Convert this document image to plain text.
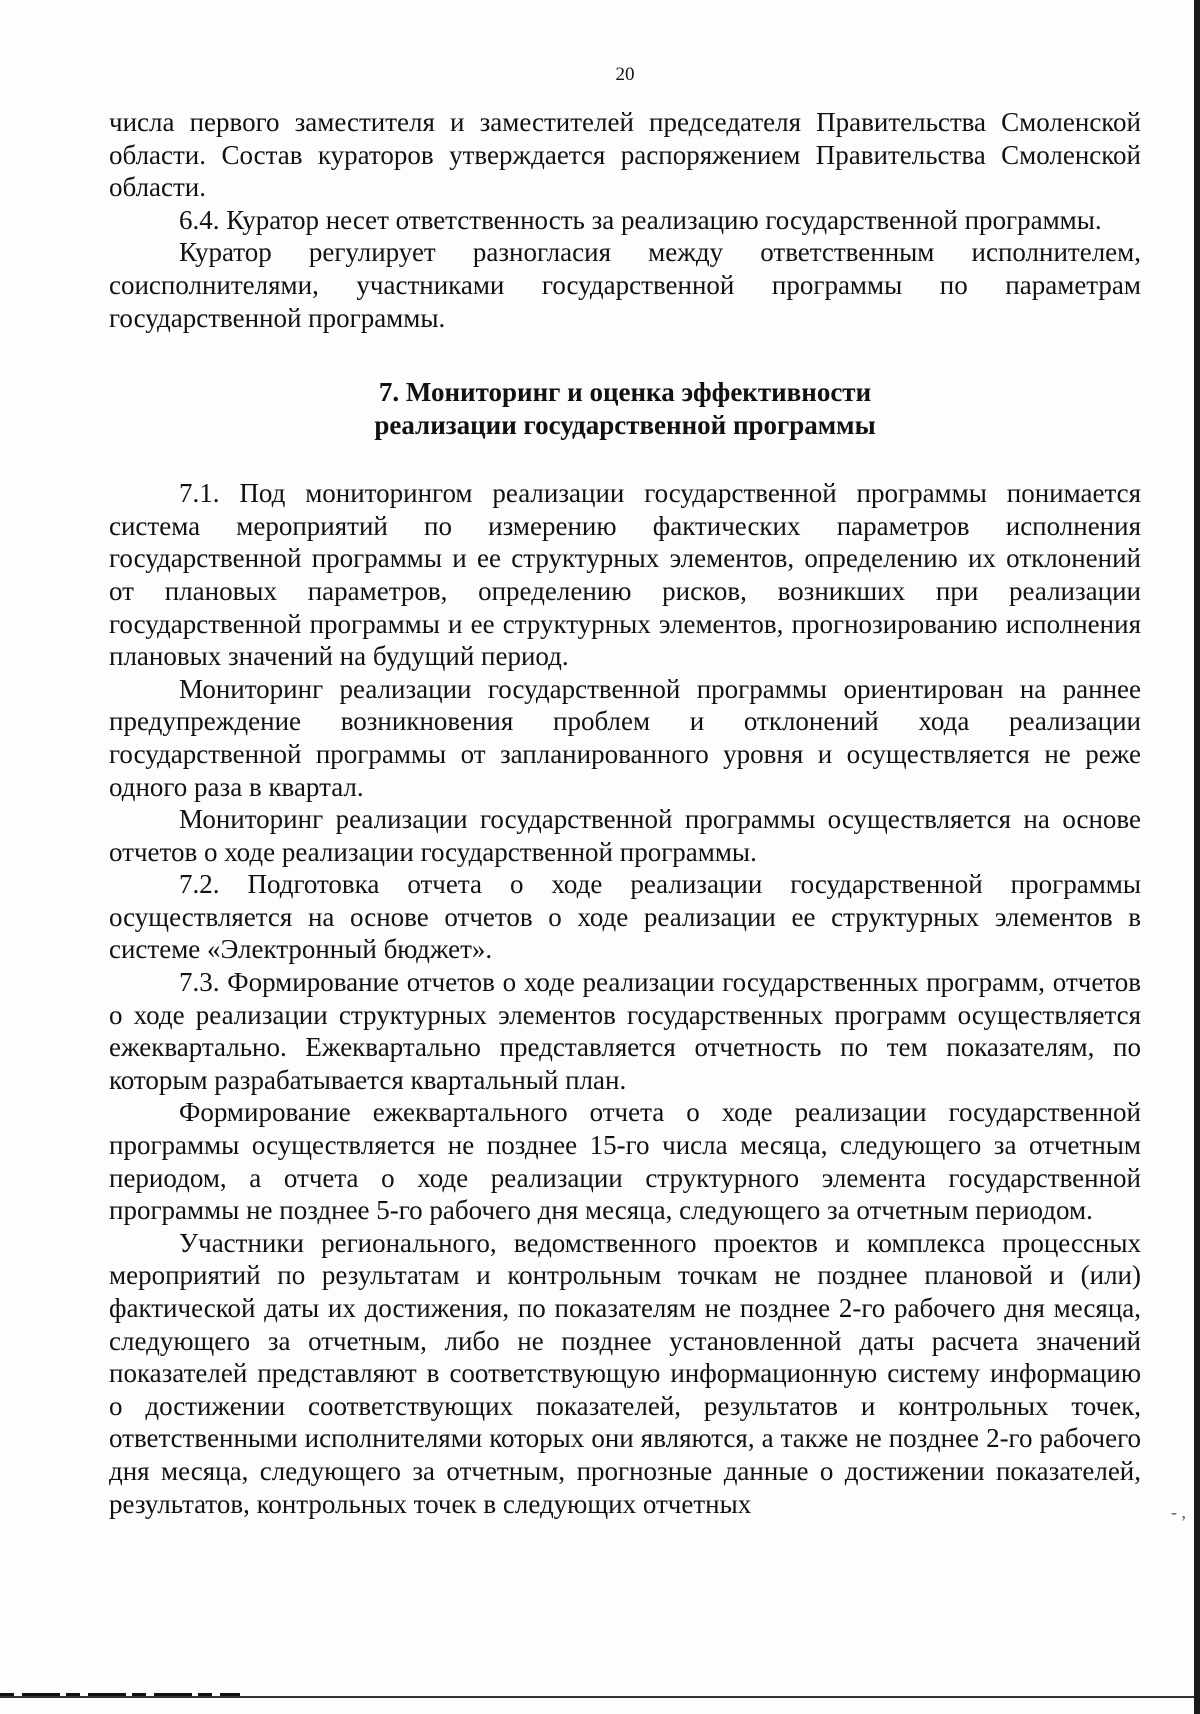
20

числа первого заместителя и заместителей председателя Правительства Смоленской области. Состав кураторов утверждается распоряжением Правительства Смоленской области.

6.4. Куратор несет ответственность за реализацию государственной программы.

Куратор регулирует разногласия между ответственным исполнителем, соисполнителями, участниками государственной программы по параметрам государственной программы.

7. Мониторинг и оценка эффективности
реализации государственной программы

7.1. Под мониторингом реализации государственной программы понимается система мероприятий по измерению фактических параметров исполнения государственной программы и ее структурных элементов, определению их отклонений от плановых параметров, определению рисков, возникших при реализации государственной программы и ее структурных элементов, прогнозированию исполнения плановых значений на будущий период.

Мониторинг реализации государственной программы ориентирован на раннее предупреждение возникновения проблем и отклонений хода реализации государственной программы от запланированного уровня и осуществляется не реже одного раза в квартал.

Мониторинг реализации государственной программы осуществляется на основе отчетов о ходе реализации государственной программы.

7.2. Подготовка отчета о ходе реализации государственной программы осуществляется на основе отчетов о ходе реализации ее структурных элементов в системе «Электронный бюджет».

7.3. Формирование отчетов о ходе реализации государственных программ, отчетов о ходе реализации структурных элементов государственных программ осуществляется ежеквартально. Ежеквартально представляется отчетность по тем показателям, по которым разрабатывается квартальный план.

Формирование ежеквартального отчета о ходе реализации государственной программы осуществляется не позднее 15-го числа месяца, следующего за отчетным периодом, а отчета о ходе реализации структурного элемента государственной программы не позднее 5-го рабочего дня месяца, следующего за отчетным периодом.

Участники регионального, ведомственного проектов и комплекса процессных мероприятий по результатам и контрольным точкам не позднее плановой и (или) фактической даты их достижения, по показателям не позднее 2-го рабочего дня месяца, следующего за отчетным, либо не позднее установленной даты расчета значений показателей представляют в соответствующую информационную систему информацию о достижении соответствующих показателей, результатов и контрольных точек, ответственными исполнителями которых они являются, а также не позднее 2-го рабочего дня месяца, следующего за отчетным, прогнозные данные о достижении показателей, результатов, контрольных точек в следующих отчетных	- ,
